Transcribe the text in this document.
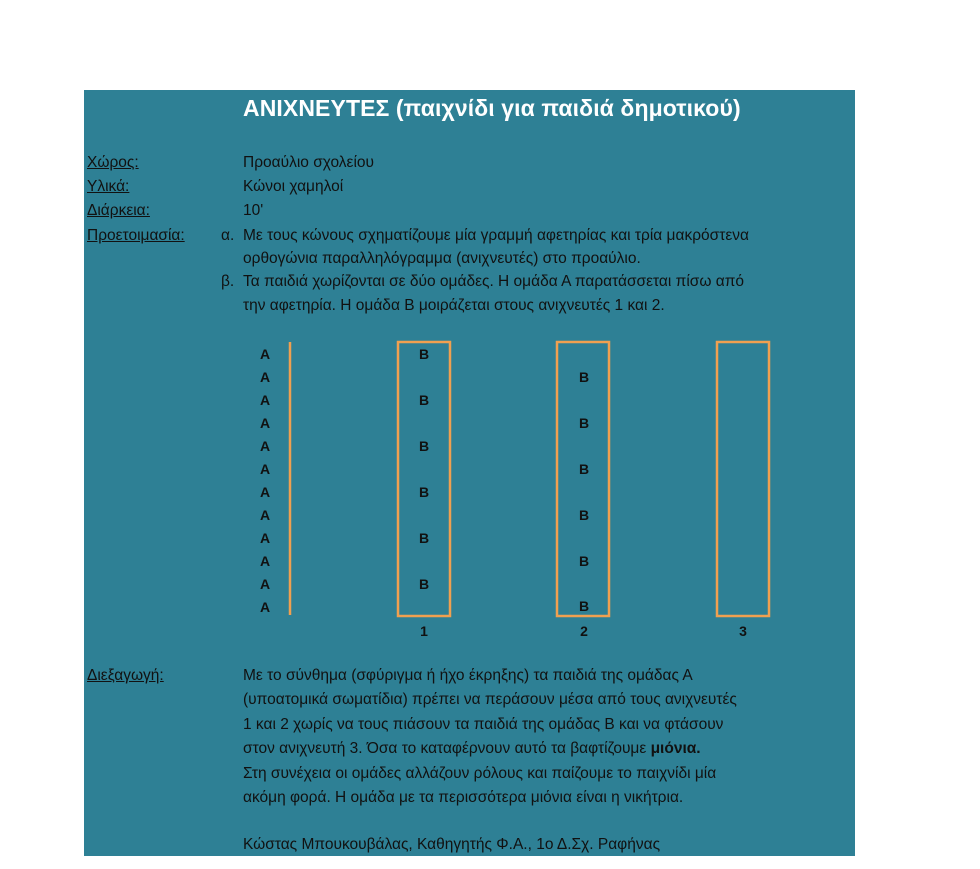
ΑΝΙΧΝΕΥΤΕΣ (παιχνίδι για παιδιά δημοτικού)
Χώρος:	Προαύλιο σχολείου
Υλικά:	Κώνοι χαμηλοί
Διάρκεια:	10'
Προετοιμασία: α. Με τους κώνους σχηματίζουμε μία γραμμή αφετηρίας και τρία μακρόστενα
ορθογώνια παραλληλόγραμμα (ανιχνευτές) στο προαύλιο.
β. Τα παιδιά χωρίζονται σε δύο ομάδες. Η ομάδα Α παρατάσσεται πίσω από
την αφετηρία. Η ομάδα Β μοιράζεται στους ανιχνευτές 1 και 2.
Α
Α
Α
Α
Α
Α
Α
Α
Α
Α
Α
Α
Β
Β
Β
Β
Β
Β
Β
Β
Β
Β
Β
Β
1	2	3
Διεξαγωγή:	Με το σύνθημα (σφύριγμα ή ήχο έκρηξης) τα παιδιά της ομάδας Α
(υποατομικά σωματίδια) πρέπει να περάσουν μέσα από τους ανιχνευτές
1 και 2 χωρίς να τους πιάσουν τα παιδιά της ομάδας Β και να φτάσουν
στον ανιχνευτή 3. Όσα το καταφέρνουν αυτό τα βαφτίζουμε μιόνια.
Στη συνέχεια οι ομάδες αλλάζουν ρόλους και παίζουμε το παιχνίδι μία
ακόμη φορά. Η ομάδα με τα περισσότερα μιόνια είναι η νικήτρια.
Κώστας Μπουκουβάλας, Καθηγητής Φ.Α., 1ο Δ.Σχ. Ραφήνας
